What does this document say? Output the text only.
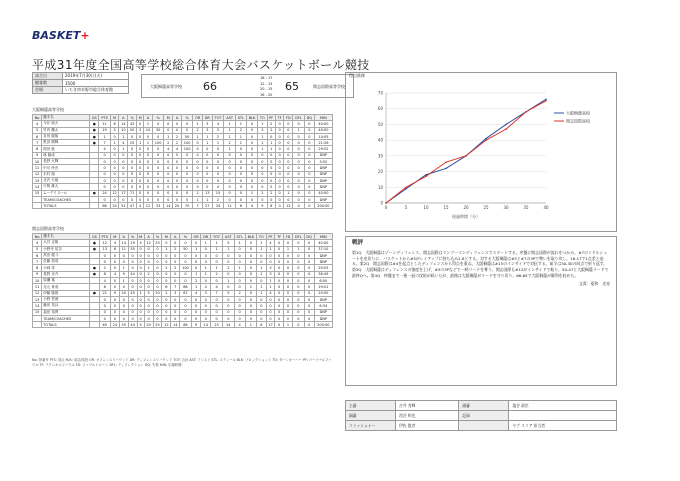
BASKET+
平成31年度全国高等学校総合体育大会バスケットボール競技
試合日	2019年7月30日(火)
観客数	3500
会場	いちき串木野市総合体育館
大阪桐蔭高等学校 66
18 - 17
12 - 13
20 - 15
16 - 20
65	開志国際高等学校
大阪桐蔭高等学校
No	選手名	GS	PTS	M	A	%	M	A	%	M	A	%	OR	DR	TOT	AST	STL	BLK	TO	PF	TF	FD	DFL	DQ	MIN
4	今井 琉天	●	11	6	14	43	0	1	0	0	0	0	1	3	4	1	1	0	1	2	0	0	0	0	40:00
5	竹内 颯太	●	19	5	10	50	3	10	30	0	0	0	2	3	5	1	2	0	3	2	0	0	1	0	40:00
6	各田 健翔	●	1	0	1	0	0	0	0	1	2	50	1	1	2	1	1	0	1	0	0	0	0	0	14:05
7	黒田 晴輝	●	7	1	4	25	1	1	100	2	2	100	0	1	1	2	1	0	1	1	0	0	0	0	21:26
8	岡田 航		4	0	1	0	0	0	0	4	4	100	0	0	0	1	0	0	1	1	0	0	0	0	29:52
9	林 隆成		0	0	0	0	0	0	0	0	0	0	0	0	0	0	0	0	0	0	0	0	0	0	DNP
10	長野 大輝		0	0	0	0	0	0	0	0	0	0	0	0	0	0	0	0	0	0	0	0	0	0	5:52
11	中川 伶音		0	0	0	0	0	0	0	0	0	0	0	0	0	0	0	0	0	0	0	0	0	0	DNP
12	木村 翔		0	0	0	0	0	0	0	0	0	0	0	0	0	0	0	0	0	0	0	0	0	0	DNP
13	北沢 大地		0	0	0	0	0	0	0	0	0	0	0	0	0	0	0	0	0	0	0	0	0	0	DNP
14	片岡 雄大		0	0	0	0	0	0	0	0	0	0	0	0	0	0	0	0	0	0	0	0	0	0	DNP
15	ムーデイヌール	●	24	12	17	71	0	0	0	0	0	0	2	13	15	0	0	1	2	2	0	1	0	0	40:00
	TEAM/COACHES		0	0	0	0	0	0	0	0	0	0	1	1	2	0	0	0	0	0	0	0	0	0	DNP
	TOTALS		66	24	51	47	4	12	33	14	20	70	7	27	34	11	6	4	9	8	0	12	0	0	200:00
開志国際高等学校
No	選手名	GS	PTS	M	A	%	M	A	%	M	A	%	OR	DR	TOT	AST	STL	BLK	TO	PF	TF	FD	DFL	DQ	MIN
4	大井 正雄	●	12	4	14	29	4	12	33	0	0	0	0	1	1	5	1	0	1	4	0	0	0	0	40:00
5	小野寺 祐奈	●	13	6	11	55	0	0	0	1	2	50	1	0	1	1	0	0	1	1	0	1	1	0	37:10
6	髙田 健斗		0	0	0	0	0	0	0	0	0	0	0	0	0	0	0	0	0	0	0	0	0	0	DNP
7	佐藤 将成		0	0	0	0	0	0	0	0	0	0	0	0	0	0	0	0	0	0	0	0	0	0	DNP
8	小林 零	●	2	0	1	0	0	1	0	2	2	100	0	1	1	2	1	0	1	3	0	0	0	0	29:53
9	星野 京介	●	8	4	9	44	0	2	0	0	0	0	1	1	2	0	0	0	1	3	0	0	0	0	38:49
10	原瀬 葉		4	0	1	0	0	0	0	0	0	0	2	0	0	1	0	0	0	1	0	0	0	0	6:50
11	北元 育成		6	0	0	0	0	0	0	6	7	86	1	4	4	0	0	1	1	1	0	0	0	0	19:01
12	伊藤 隆都	●	21	9	20	45	1	5	20	2	3	67	4	3	7	5	2	0	1	4	0	0	0	0	19:50
13	小野 哲徳		0	0	0	0	0	0	0	0	0	0	0	0	0	0	0	0	0	0	0	0	0	0	DNP
14	藤田 英兵		0	0	0	0	0	0	0	0	0	0	0	0	0	0	0	0	0	0	0	0	0	0	6:34
15	福田 裕貴		0	0	0	0	0	0	0	0	0	0	0	0	0	0	0	0	0	0	0	0	0	0	DNP
	TEAM/COACHES		0	0	0	0	0	0	0	0	0	0	0	0	0	0	0	0	0	0	0	0	0	0	DNP
	TOTALS		65	24	55	44	5	20	25	12	14	86	9	14	23	14	4	1	6	17	0	1	0	0	200:00
No: 背番号 PTS: 得点 M/A: 成功/試投 OR: オフェンスリバウンド DR: ディフェンスリバウンド TOT: 合計 AST: アシスト STL: スティール BLK: ブロックショット TO: ターンオーバー PF: パーソナルファウル TF: テクニカルファウル FD: ファウルドローン DFL: ディフレクション DQ: 失格 MIN: 出場時間
0
10
20
30
40
50
60
70
0	5	10	15	20	25	30	35	40
経過時間（分）
大阪桐蔭高校
開志国際高校
得点推移
戦評

第1Q　大阪桐蔭はゾーンディフェンス、開志国際はマンツーマンディフェンスでスタートする。序盤に開志国際が流れをつかみ、#7のミドルシュートを皮切りに、バスケットから#5がレイアップに持ち込み2-8とする。対する大阪桐蔭は#5と#7の3Pで勢いを取り戻し、16-17で1点差と迫る。第2Q　開志国際は#4を起点としたディフェンスから得点を重ね、大阪桐蔭は#15のインサイドで対抗する。前半は30-30の同点で折り返す。第3Q　大阪桐蔭はディフェンスの強度を上げ、#5の3Pなどで一時リードを奪う。開志国際も#12がインサイドで粘り、50-47と大阪桐蔭リードで最終Qへ。第4Q　終盤まで一進一退の攻防が続いたが、最後は大阪桐蔭がリードを守り切り、66-65で大阪桐蔭が勝利を収めた。

文責：菱和　光亮
主審	吉井 秀輝	副審	塩谷 政臣
副審	西谷 和也	記録	
コミッショナー	伊佐 俊彦		ヤブ スコア 担当者
